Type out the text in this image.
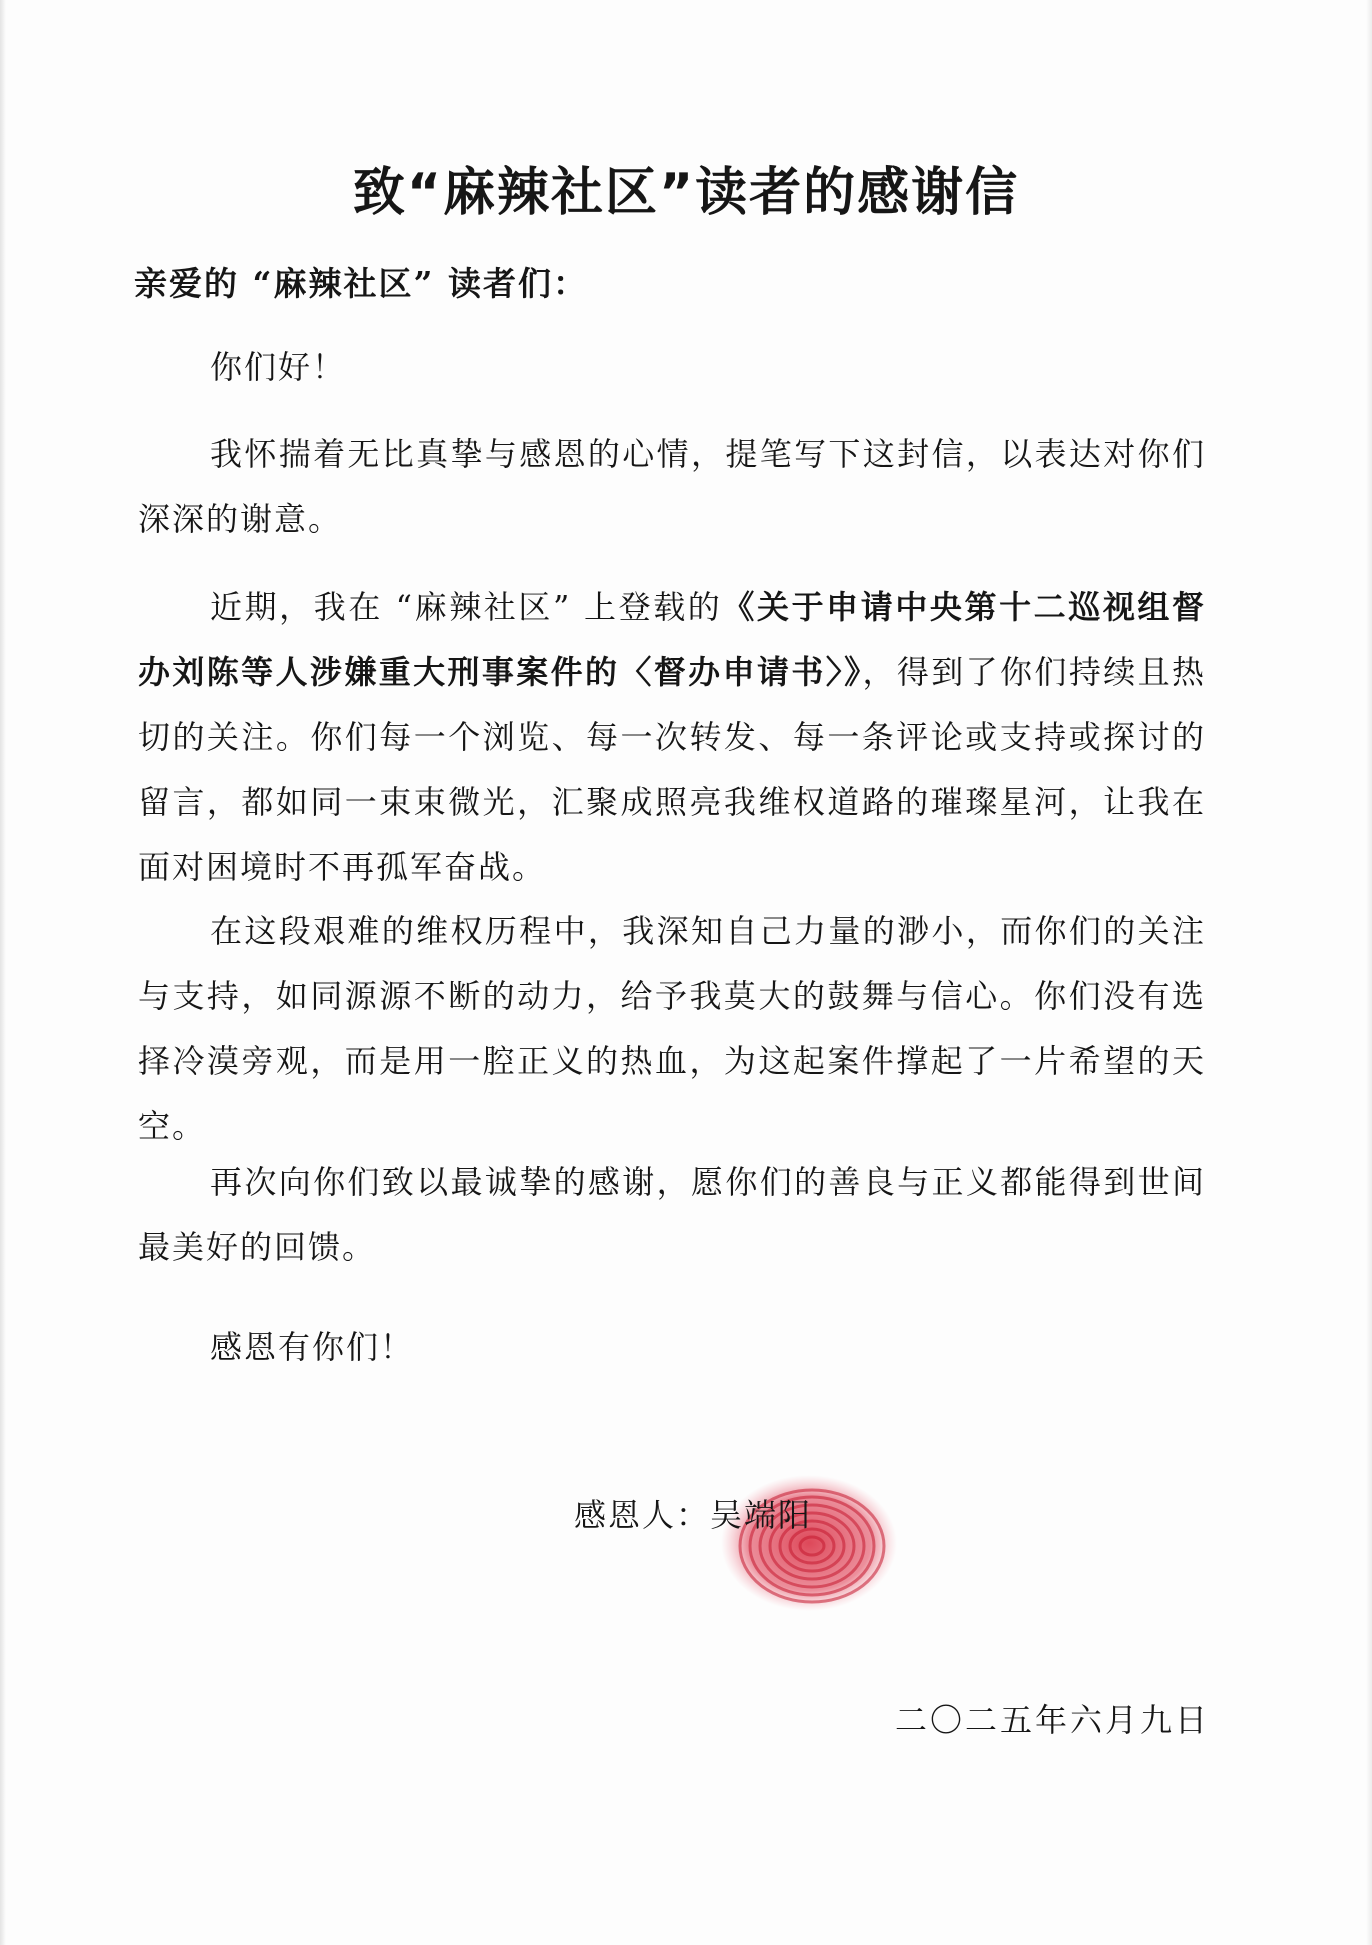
致“麻辣社区”读者的感谢信

亲爱的 “麻辣社区” 读者们：

你们好！

我怀揣着无比真挚与感恩的心情，提笔写下这封信，以表达对你们深深的谢意。

近期，我在 “麻辣社区” 上登载的《关于申请中央第十二巡视组督办刘陈等人涉嫌重大刑事案件的〈督办申请书〉》，得到了你们持续且热切的关注。你们每一个浏览、每一次转发、每一条评论或支持或探讨的留言，都如同一束束微光，汇聚成照亮我维权道路的璀璨星河，让我在面对困境时不再孤军奋战。

在这段艰难的维权历程中，我深知自己力量的渺小，而你们的关注与支持，如同源源不断的动力，给予我莫大的鼓舞与信心。你们没有选择冷漠旁观，而是用一腔正义的热血，为这起案件撑起了一片希望的天空。

再次向你们致以最诚挚的感谢，愿你们的善良与正义都能得到世间最美好的回馈。

感恩有你们！

感恩人：吴端阳

二〇二五年六月九日
